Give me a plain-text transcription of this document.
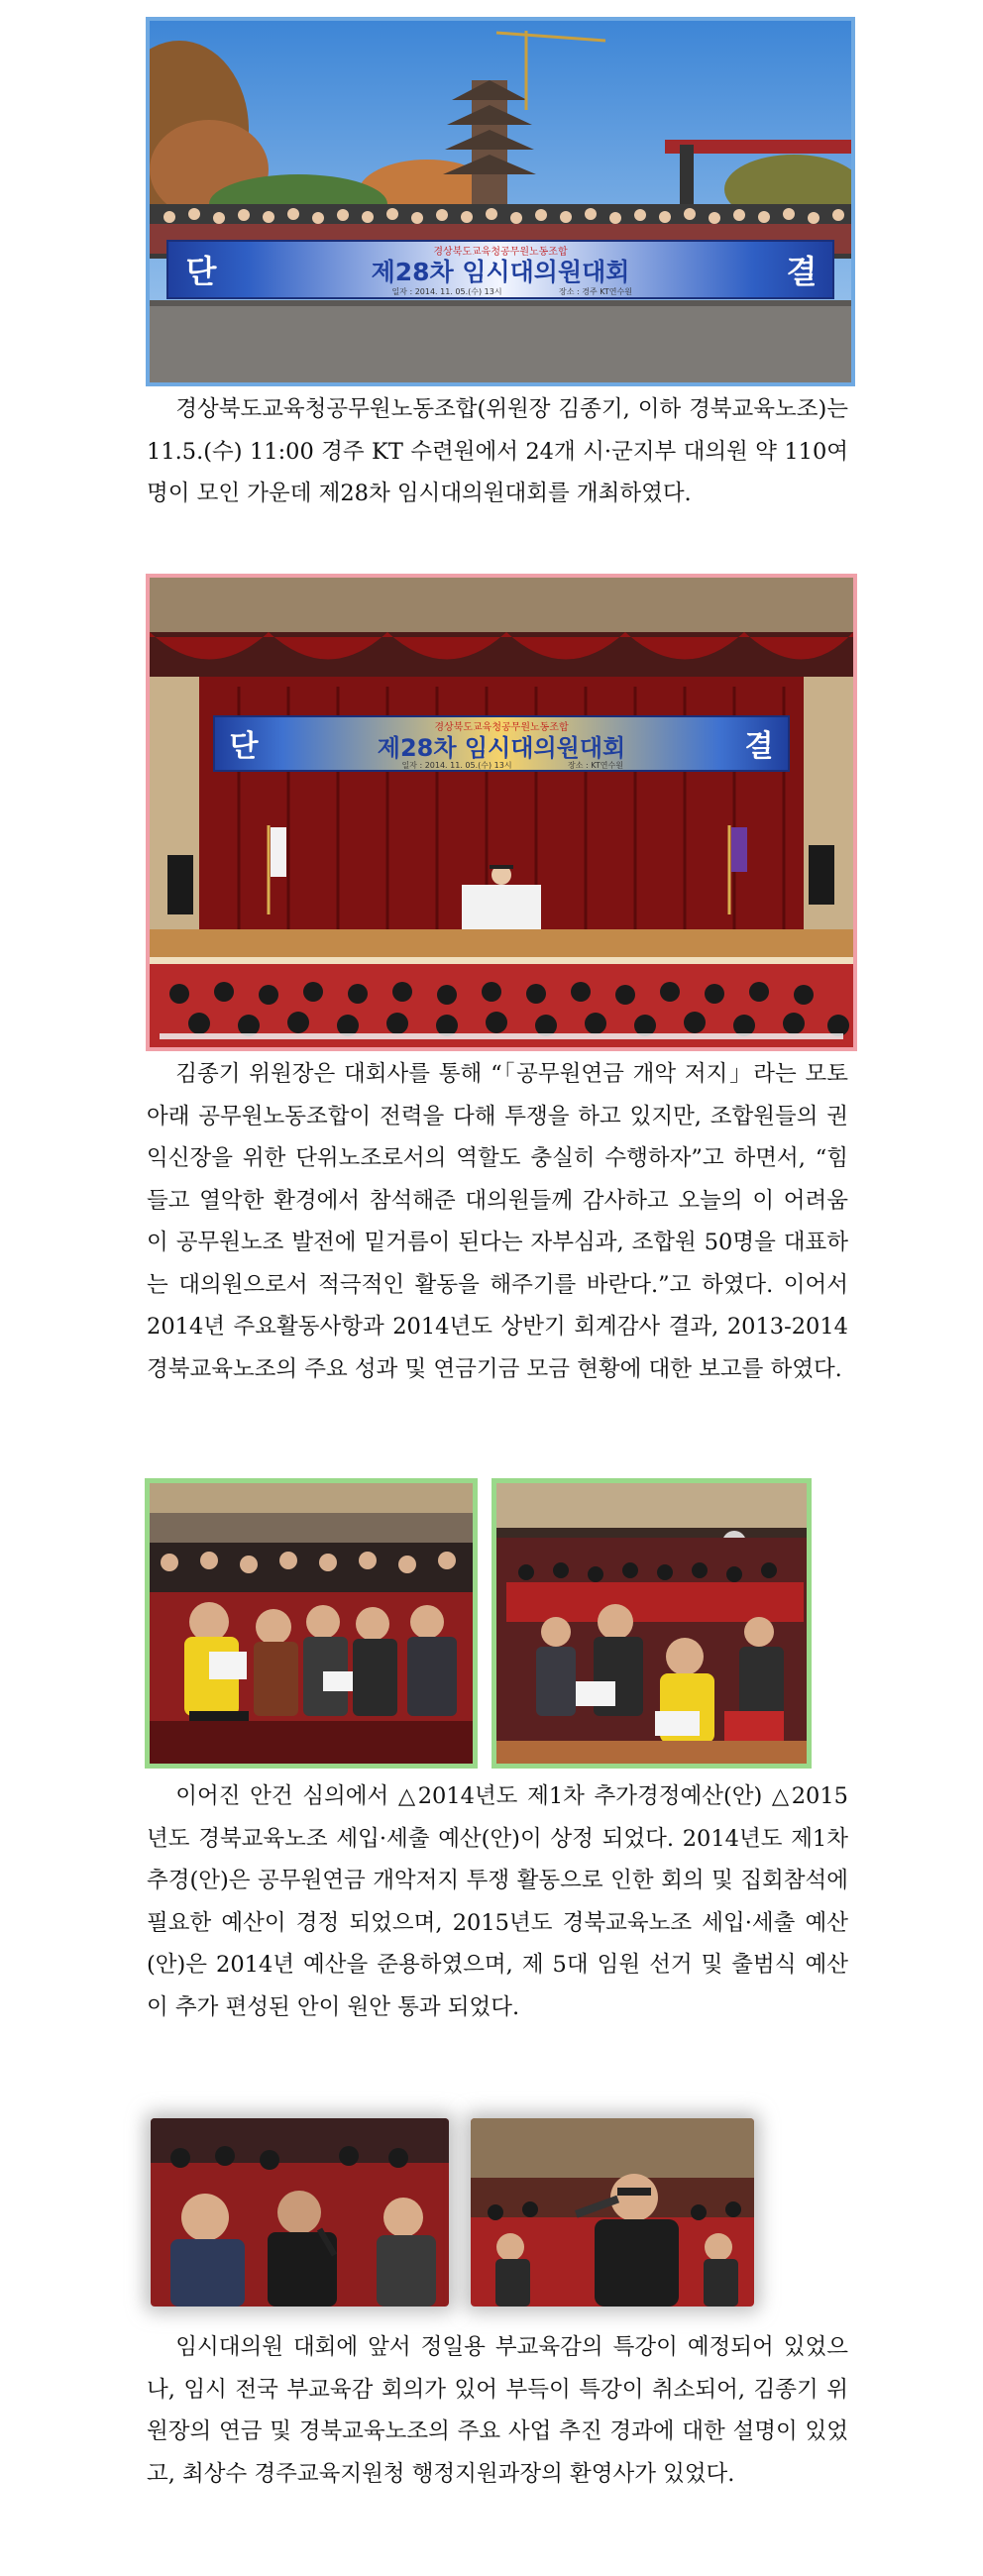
단	결
경상북도교육청공무원노동조합
제28차 임시대의원대회
일자 : 2014. 11. 05.(수) 13시	장소 : 경주 KT연수원

경상북도교육청공무원노동조합(위원장 김종기, 이하 경북교육노조)는 11.5.(수) 11:00 경주 KT 수련원에서 24개 시·군지부 대의원 약 110여명이 모인 가운데 제28차 임시대의원대회를 개최하였다.

단	결
경상북도교육청공무원노동조합
제28차 임시대의원대회
일자 : 2014. 11. 05.(수) 13시	장소 : KT연수원

김종기 위원장은 대회사를 통해 “「공무원연금 개악 저지」라는 모토 아래 공무원노동조합이 전력을 다해 투쟁을 하고 있지만, 조합원들의 권익신장을 위한 단위노조로서의 역할도 충실히 수행하자”고 하면서, “힘들고 열악한 환경에서 참석해준 대의원들께 감사하고 오늘의 이 어려움이 공무원노조 발전에 밑거름이 된다는 자부심과, 조합원 50명을 대표하는 대의원으로서 적극적인 활동을 해주기를 바란다.”고 하였다. 이어서 2014년 주요활동사항과 2014년도 상반기 회계감사 결과, 2013-2014 경북교육노조의 주요 성과 및 연금기금 모금 현황에 대한 보고를 하였다.

이어진 안건 심의에서 △2014년도 제1차 추가경정예산(안) △2015년도 경북교육노조 세입·세출 예산(안)이 상정 되었다. 2014년도 제1차 추경(안)은 공무원연금 개악저지 투쟁 활동으로 인한 회의 및 집회참석에 필요한 예산이 경정 되었으며, 2015년도 경북교육노조 세입·세출 예산(안)은 2014년 예산을 준용하였으며, 제 5대 임원 선거 및 출범식 예산이 추가 편성된 안이 원안 통과 되었다.

임시대의원 대회에 앞서 정일용 부교육감의 특강이 예정되어 있었으나, 임시 전국 부교육감 회의가 있어 부득이 특강이 취소되어, 김종기 위원장의 연금 및 경북교육노조의 주요 사업 추진 경과에 대한 설명이 있었고, 최상수 경주교육지원청 행정지원과장의 환영사가 있었다.
